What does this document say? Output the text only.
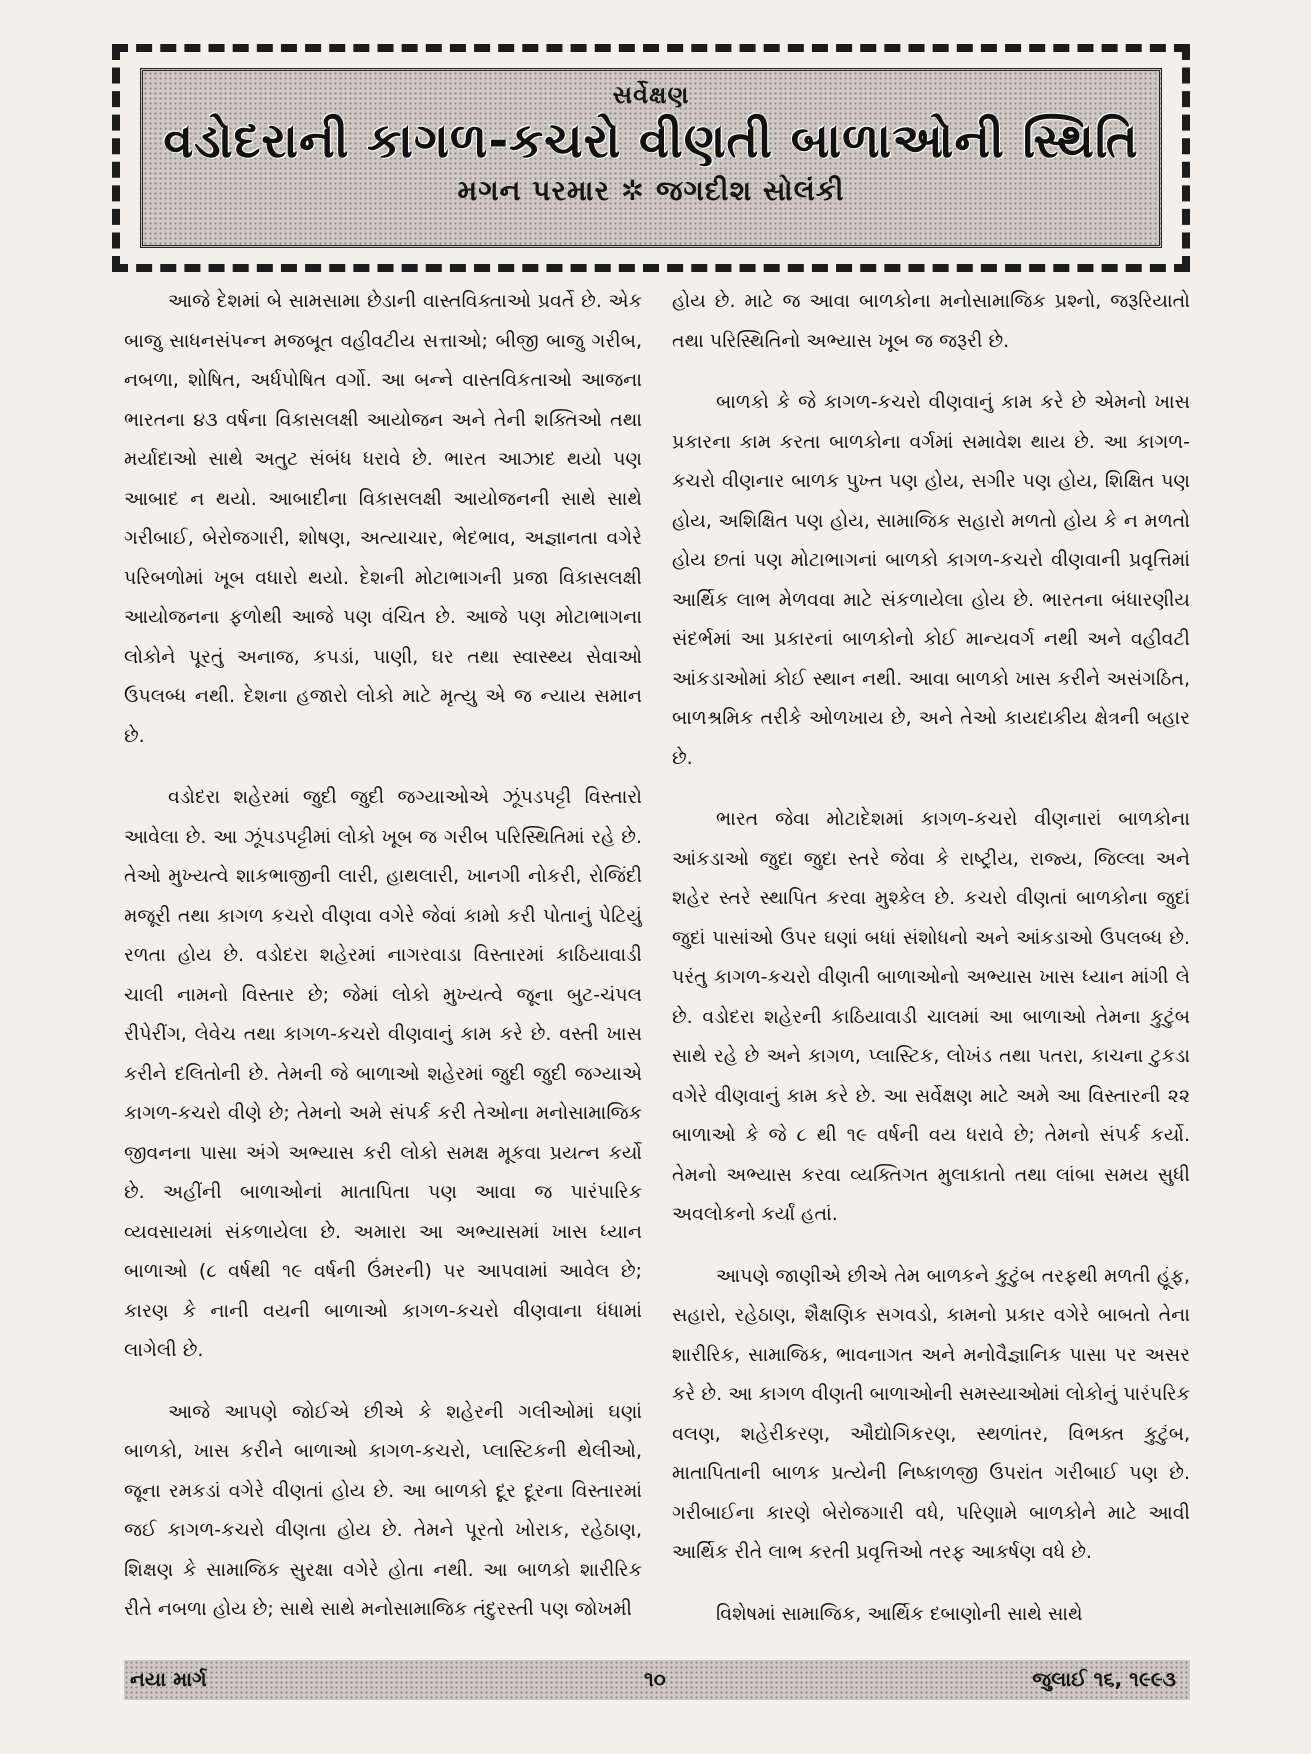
સર્વેક્ષણ
વડોદરાની કાગળ-કચરો વીણતી બાળાઓની સ્થિતિ
મગન પરમાર ✲ જગદીશ સોલંકી

આજે દેશમાં બે સામસામા છેડાની વાસ્તવિક્તાઓ પ્રવર્તે છે. એક બાજુ સાધનસંપન્ન મજબૂત વહીવટીય સત્તાઓ; બીજી બાજુ ગરીબ, નબળા, શોષિત, અર્ધપોષિત વર્ગો. આ બન્ને વાસ્તવિકતાઓ આજના ભારતના ૪૩ વર્ષના વિકાસલક્ષી આયોજન અને તેની શક્તિઓ તથા મર્યાદાઓ સાથે અતુટ સંબંધ ધરાવે છે. ભારત આઝાદ થયો પણ આબાદ ન થયો. આબાદીના વિકાસલક્ષી આયોજનની સાથે સાથે ગરીબાઈ, બેરોજગારી, શોષણ, અત્યાચાર, ભેદભાવ, અજ્ઞાનતા વગેરે પરિબળોમાં ખૂબ વધારો થયો. દેશની મોટાભાગની પ્રજા વિકાસલક્ષી આયોજનના ફળોથી આજે પણ વંચિત છે. આજે પણ મોટાભાગના લોકોને પૂરતું અનાજ, કપડાં, પાણી, ઘર તથા સ્વાસ્થ્ય સેવાઓ ઉપલબ્ધ નથી. દેશના હજારો લોકો માટે મૃત્યુ એ જ ન્યાય સમાન છે.

વડોદરા શહેરમાં જુદી જુદી જગ્યાઓએ ઝૂંપડપટ્ટી વિસ્તારો આવેલા છે. આ ઝૂંપડપટ્ટીમાં લોકો ખૂબ જ ગરીબ પરિસ્થિતિમાં રહે છે. તેઓ મુખ્યત્વે શાકભાજીની લારી, હાથલારી, ખાનગી નોકરી, રોજિંદી મજૂરી તથા કાગળ કચરો વીણવા વગેરે જેવાં કામો કરી પોતાનું પેટિયું રળતા હોય છે. વડોદરા શહેરમાં નાગરવાડા વિસ્તારમાં કાઠિયાવાડી ચાલી નામનો વિસ્તાર છે; જેમાં લોકો મુખ્યત્વે જૂના બુટ-ચંપલ રીપેરીંગ, લેવેચ તથા કાગળ-કચરો વીણવાનું કામ કરે છે. વસ્તી ખાસ કરીને દલિતોની છે. તેમની જે બાળાઓ શહેરમાં જુદી જુદી જગ્યાએ કાગળ-કચરો વીણે છે; તેમનો અમે સંપર્ક કરી તેઓના મનોસામાજિક જીવનના પાસા અંગે અભ્યાસ કરી લોકો સમક્ષ મૂકવા પ્રયત્ન કર્યો છે. અહીંની બાળાઓનાં માતાપિતા પણ આવા જ પારંપારિક વ્યવસાયમાં સંકળાયેલા છે. અમારા આ અભ્યાસમાં ખાસ ધ્યાન બાળાઓ (૮ વર્ષથી ૧૯ વર્ષની ઉંમરની) પર આપવામાં આવેલ છે; કારણ કે નાની વયની બાળાઓ કાગળ-કચરો વીણવાના ધંધામાં લાગેલી છે.

આજે આપણે જોઈએ છીએ કે શહેરની ગલીઓમાં ઘણાં બાળકો, ખાસ કરીને બાળાઓ કાગળ-કચરો, પ્લાસ્ટિકની થેલીઓ, જૂના રમકડાં વગેરે વીણતાં હોય છે. આ બાળકો દૂર દૂરના વિસ્તારમાં જઈ કાગળ-કચરો વીણતા હોય છે. તેમને પૂરતો ખોરાક, રહેઠાણ, શિક્ષણ કે સામાજિક સુરક્ષા વગેરે હોતા નથી. આ બાળકો શારીરિક રીતે નબળા હોય છે; સાથે સાથે મનોસામાજિક તંદુરસ્તી પણ જોખમી

હોય છે. માટે જ આવા બાળકોના મનોસામાજિક પ્રશ્નો, જરૂરિયાતો તથા પરિસ્થિતિનો અભ્યાસ ખૂબ જ જરૂરી છે.

બાળકો કે જે કાગળ-કચરો વીણવાનું કામ કરે છે એમનો ખાસ પ્રકારના કામ કરતા બાળકોના વર્ગમાં સમાવેશ થાય છે. આ કાગળ-કચરો વીણનાર બાળક પુખ્ત પણ હોય, સગીર પણ હોય, શિક્ષિત પણ હોય, અશિક્ષિત પણ હોય, સામાજિક સહારો મળતો હોય કે ન મળતો હોય છતાં પણ મોટાભાગનાં બાળકો કાગળ-કચરો વીણવાની પ્રવૃત્તિમાં આર્થિક લાભ મેળવવા માટે સંકળાયેલા હોય છે. ભારતના બંધારણીય સંદર્ભમાં આ પ્રકારનાં બાળકોનો કોઈ માન્યવર્ગ નથી અને વહીવટી આંકડાઓમાં કોઈ સ્થાન નથી. આવા બાળકો ખાસ કરીને અસંગઠિત, બાળશ્રમિક તરીકે ઓળખાય છે, અને તેઓ કાયદાકીય ક્ષેત્રની બહાર છે.

ભારત જેવા મોટાદેશમાં કાગળ-કચરો વીણનારાં બાળકોના આંકડાઓ જુદા જુદા સ્તરે જેવા કે રાષ્ટ્રીય, રાજ્ય, જિલ્લા અને શહેર સ્તરે સ્થાપિત કરવા મુશ્કેલ છે. કચરો વીણતાં બાળકોના જુદાં જુદાં પાસાંઓ ઉપર ઘણાં બધાં સંશોધનો અને આંકડાઓ ઉપલબ્ધ છે. પરંતુ કાગળ-કચરો વીણતી બાળાઓનો અભ્યાસ ખાસ ધ્યાન માંગી લે છે. વડોદરા શહેરની કાઠિયાવાડી ચાલમાં આ બાળાઓ તેમના કુટુંબ સાથે રહે છે અને કાગળ, પ્લાસ્ટિક, લોખંડ તથા પતરા, કાચના ટુકડા વગેરે વીણવાનું કામ કરે છે. આ સર્વેક્ષણ માટે અમે આ વિસ્તારની ૨૨ બાળાઓ કે જે ૮ થી ૧૯ વર્ષની વય ધરાવે છે; તેમનો સંપર્ક કર્યો. તેમનો અભ્યાસ કરવા વ્યક્તિગત મુલાકાતો તથા લાંબા સમય સુધી અવલોકનો કર્યાં હતાં.

આપણે જાણીએ છીએ તેમ બાળકને કુટુંબ તરફથી મળતી હૂંફ, સહારો, રહેઠાણ, શૈક્ષણિક સગવડો, કામનો પ્રકાર વગેરે બાબતો તેના શારીરિક, સામાજિક, ભાવનાગત અને મનોવૈજ્ઞાનિક પાસા પર અસર કરે છે. આ કાગળ વીણતી બાળાઓની સમસ્યાઓમાં લોકોનું પારંપરિક વલણ, શહેરીકરણ, ઔદ્યોગિકરણ, સ્થળાંતર, વિભક્ત કુટુંબ, માતાપિતાની બાળક પ્રત્યેની નિષ્કાળજી ઉપરાંત ગરીબાઈ પણ છે. ગરીબાઈના કારણે બેરોજગારી વધે, પરિણામે બાળકોને માટે આવી આર્થિક રીતે લાભ કરતી પ્રવૃત્તિઓ તરફ આકર્ષણ વધે છે.

વિશેષમાં સામાજિક, આર્થિક દબાણોની સાથે સાથે

નયા માર્ગ	૧૦	જુલાઈ ૧૬, ૧૯૯૩
